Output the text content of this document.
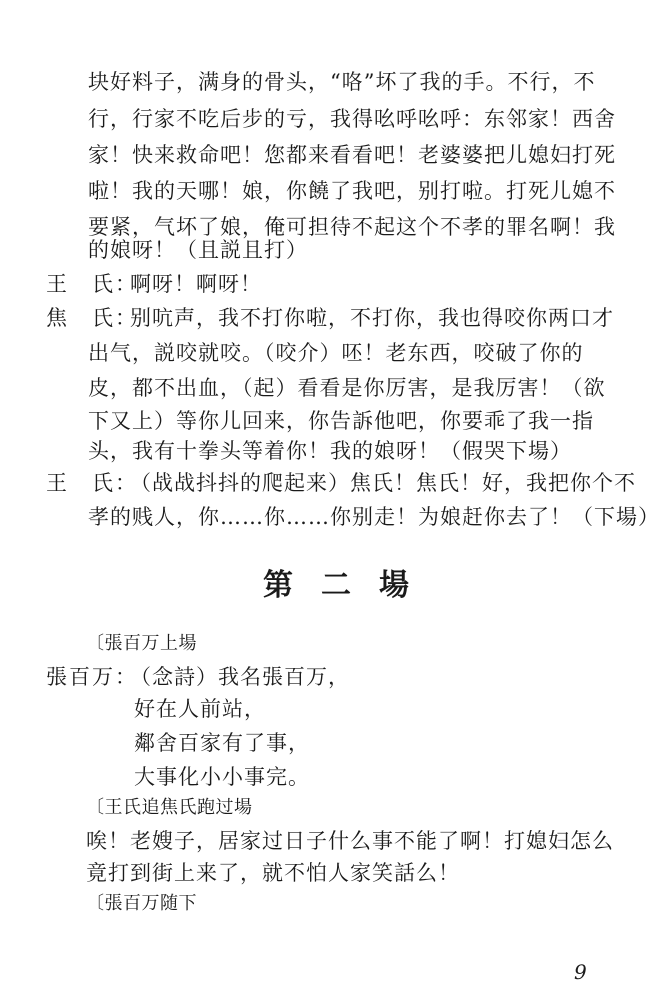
块好料子，满身的骨头，“咯”坏了我的手。不行，不
行，行家不吃后步的亏，我得吆呼吆呼：东邻家！西舍
家！快来救命吧！您都来看看吧！老婆婆把儿媳妇打死
啦！我的天哪！娘，你饒了我吧，别打啦。打死儿媳不
要紧，气坏了娘，俺可担待不起这个不孝的罪名啊！我
的娘呀！（且説且打）
王　氏：啊呀！啊呀！
焦　氏：别吭声，我不打你啦，不打你，我也得咬你两口才
出气，説咬就咬。（咬介）呸！老东西，咬破了你的
皮，都不出血，（起）看看是你厉害，是我厉害！（欲
下又上）等你儿回来，你告訴他吧，你要乖了我一指
头，我有十拳头等着你！我的娘呀！（假哭下場）
王　氏：（战战抖抖的爬起来）焦氏！焦氏！好，我把你个不
孝的贱人，你……你……你别走！为娘赶你去了！（下場）
第 二 場
〔張百万上場
張百万：（念詩）我名張百万，
好在人前站，
鄰舍百家有了事，
大事化小小事完。
〔王氏追焦氏跑过場
唉！老嫂子，居家过日子什么事不能了啊！打媳妇怎么
竟打到街上来了，就不怕人家笑話么！
〔張百万随下
9
